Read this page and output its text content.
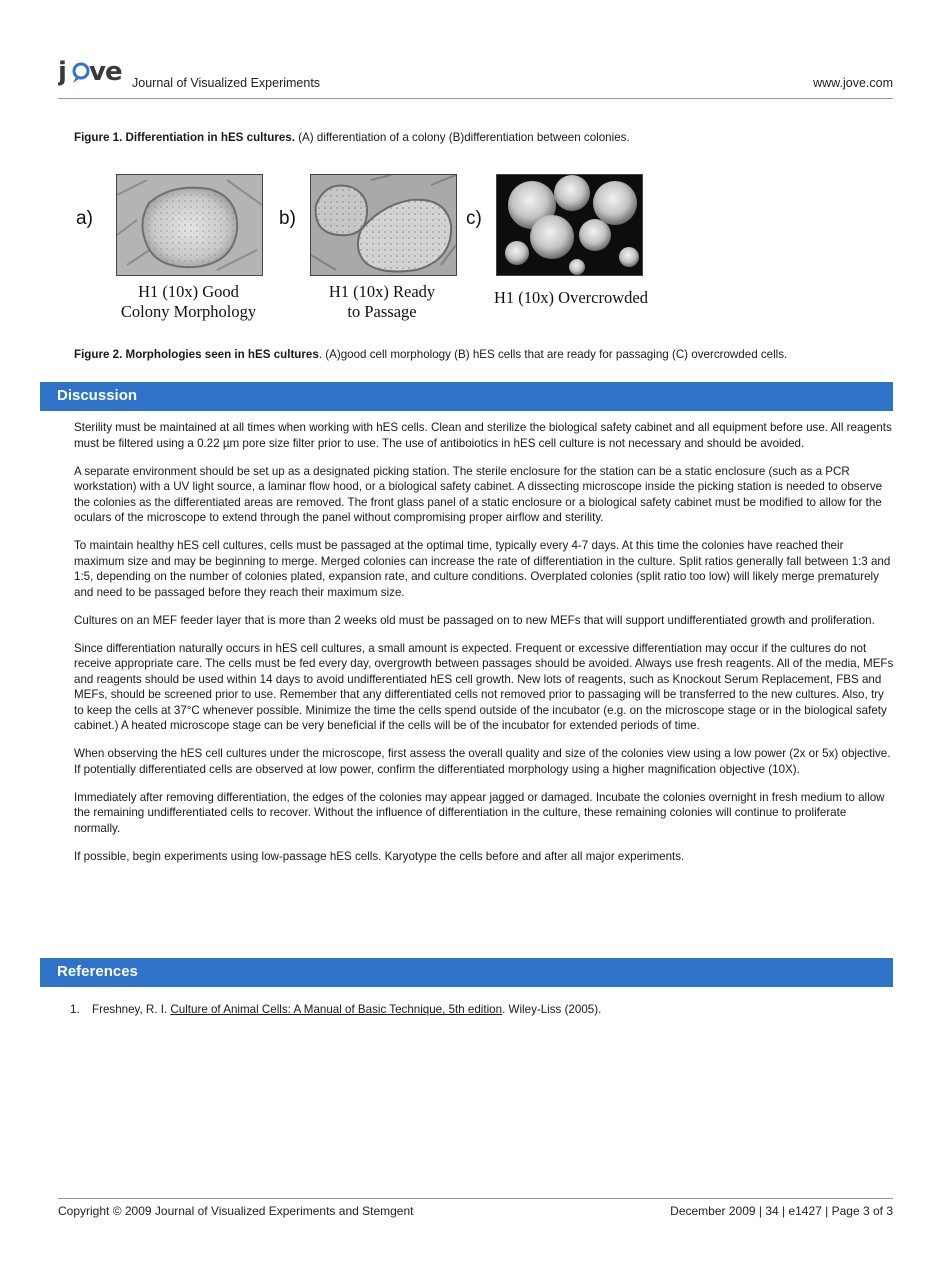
j ve Journal of Visualized Experiments	www.jove.com
Figure 1. Differentiation in hES cultures. (A) differentiation of a colony (B)differentiation between colonies.
a)
H1 (10x) Good
Colony Morphology
b)
H1 (10x) Ready
to Passage
c)
H1 (10x) Overcrowded
Figure 2. Morphologies seen in hES cultures. (A)good cell morphology (B) hES cells that are ready for passaging (C) overcrowded cells.
Discussion

Sterility must be maintained at all times when working with hES cells. Clean and sterilize the biological safety cabinet and all equipment before use. All reagents must be filtered using a 0.22 µm pore size filter prior to use. The use of antiboiotics in hES cell culture is not necessary and should be avoided.

A separate environment should be set up as a designated picking station. The sterile enclosure for the station can be a static enclosure (such as a PCR workstation) with a UV light source, a laminar flow hood, or a biological safety cabinet. A dissecting microscope inside the picking station is needed to observe the colonies as the differentiated areas are removed. The front glass panel of a static enclosure or a biological safety cabinet must be modified to allow for the oculars of the microscope to extend through the panel without compromising proper airflow and sterility.

To maintain healthy hES cell cultures, cells must be passaged at the optimal time, typically every 4-7 days. At this time the colonies have reached their maximum size and may be beginning to merge. Merged colonies can increase the rate of differentiation in the culture. Split ratios generally fall between 1:3 and 1:5, depending on the number of colonies plated, expansion rate, and culture conditions. Overplated colonies (split ratio too low) will likely merge prematurely and need to be passaged before they reach their maximum size.

Cultures on an MEF feeder layer that is more than 2 weeks old must be passaged on to new MEFs that will support undifferentiated growth and proliferation.

Since differentiation naturally occurs in hES cell cultures, a small amount is expected. Frequent or excessive differentiation may occur if the cultures do not receive appropriate care. The cells must be fed every day, overgrowth between passages should be avoided. Always use fresh reagents. All of the media, MEFs and reagents should be used within 14 days to avoid undifferentiated hES cell growth. New lots of reagents, such as Knockout Serum Replacement, FBS and MEFs, should be screened prior to use. Remember that any differentiated cells not removed prior to passaging will be transferred to the new cultures. Also, try to keep the cells at 37°C whenever possible. Minimize the time the cells spend outside of the incubator (e.g. on the microscope stage or in the biological safety cabinet.) A heated microscope stage can be very beneficial if the cells will be of the incubator for extended periods of time.

When observing the hES cell cultures under the microscope, first assess the overall quality and size of the colonies view using a low power (2x or 5x) objective. If potentially differentiated cells are observed at low power, confirm the differentiated morphology using a higher magnification objective (10X).

Immediately after removing differentiation, the edges of the colonies may appear jagged or damaged. Incubate the colonies overnight in fresh medium to allow the remaining undifferentiated cells to recover. Without the influence of differentiation in the culture, these remaining colonies will continue to proliferate normally.

If possible, begin experiments using low-passage hES cells. Karyotype the cells before and after all major experiments.

References
1. Freshney, R. I. Culture of Animal Cells: A Manual of Basic Technique, 5th edition. Wiley-Liss (2005).
Copyright © 2009 Journal of Visualized Experiments and Stemgent	December 2009 | 34 | e1427 | Page 3 of 3
